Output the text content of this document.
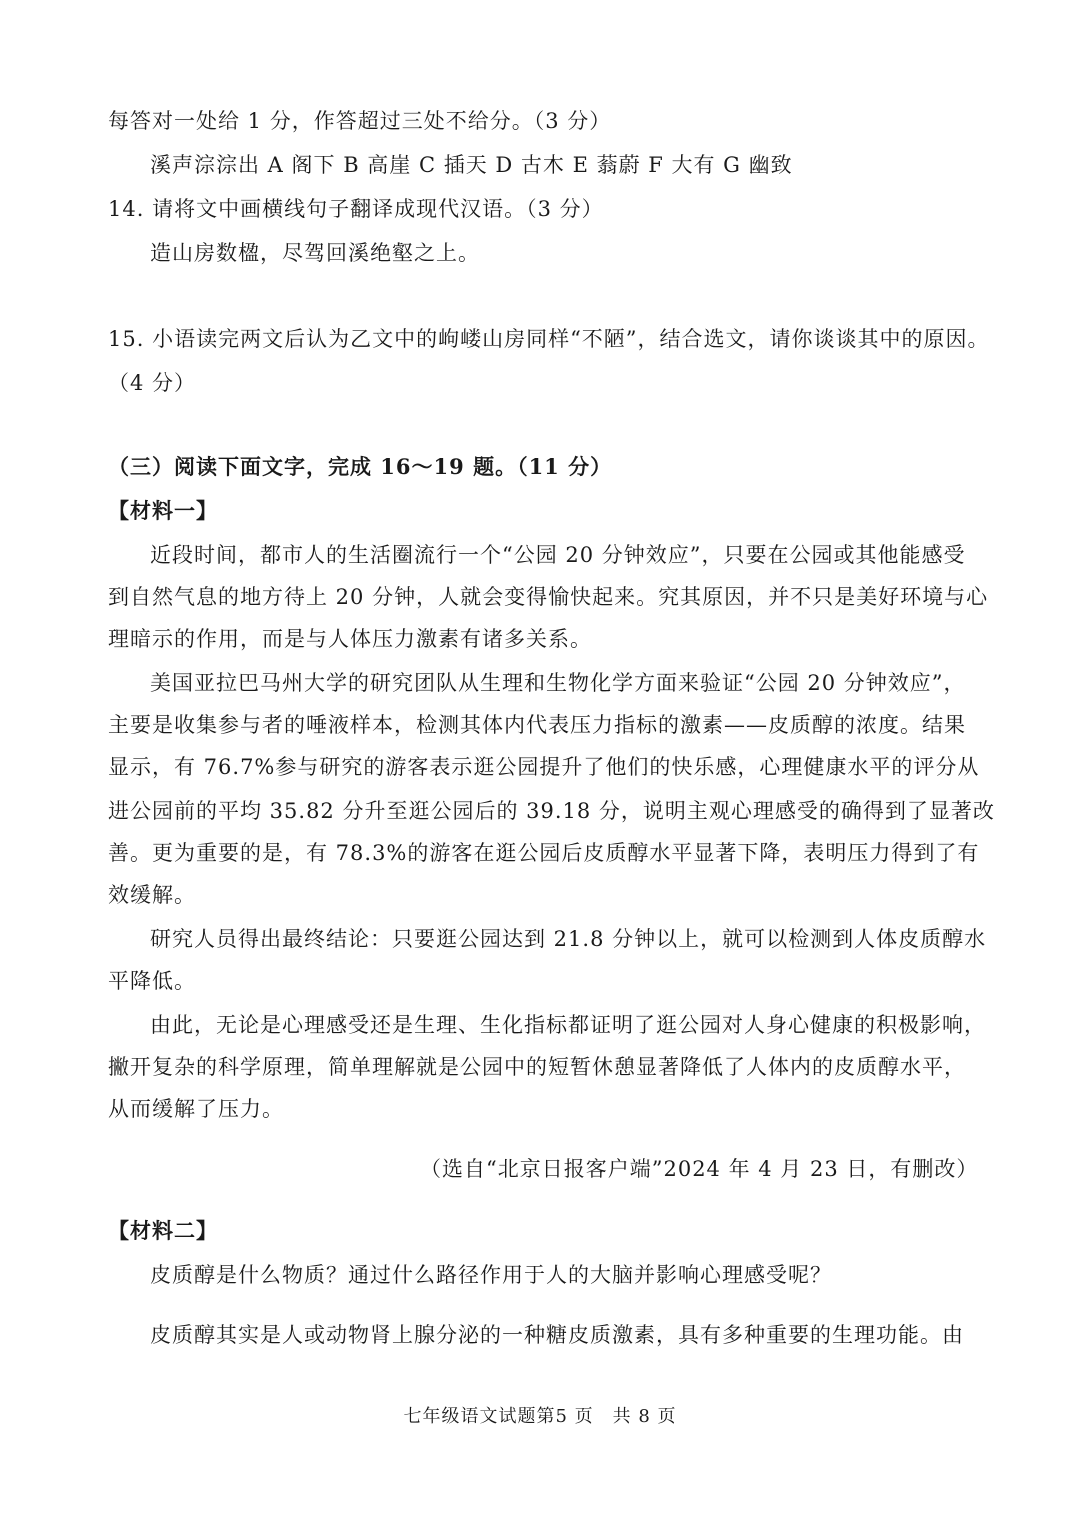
每答对一处给 1 分，作答超过三处不给分。（3 分）
溪声淙淙出 A 阁下 B 高崖 C 插天 D 古木 E 蓊蔚 F 大有 G 幽致
14. 请将文中画横线句子翻译成现代汉语。（3 分）
造山房数楹，尽驾回溪绝壑之上。
15. 小语读完两文后认为乙文中的岣嵝山房同样“不陋”，结合选文，请你谈谈其中的原因。
（4 分）
（三）阅读下面文字，完成 16～19 题。（11 分）
【材料一】
近段时间，都市人的生活圈流行一个“公园 20 分钟效应”，只要在公园或其他能感受
到自然气息的地方待上 20 分钟，人就会变得愉快起来。究其原因，并不只是美好环境与心
理暗示的作用，而是与人体压力激素有诸多关系。
美国亚拉巴马州大学的研究团队从生理和生物化学方面来验证“公园 20 分钟效应”，
主要是收集参与者的唾液样本，检测其体内代表压力指标的激素——皮质醇的浓度。结果
显示，有 76.7%参与研究的游客表示逛公园提升了他们的快乐感，心理健康水平的评分从
进公园前的平均 35.82 分升至逛公园后的 39.18 分，说明主观心理感受的确得到了显著改
善。更为重要的是，有 78.3%的游客在逛公园后皮质醇水平显著下降，表明压力得到了有
效缓解。
研究人员得出最终结论：只要逛公园达到 21.8 分钟以上，就可以检测到人体皮质醇水
平降低。
由此，无论是心理感受还是生理、生化指标都证明了逛公园对人身心健康的积极影响，
撇开复杂的科学原理，简单理解就是公园中的短暂休憩显著降低了人体内的皮质醇水平，
从而缓解了压力。
（选自“北京日报客户端”2024 年 4 月 23 日，有删改）
【材料二】
皮质醇是什么物质？通过什么路径作用于人的大脑并影响心理感受呢？
皮质醇其实是人或动物肾上腺分泌的一种糖皮质激素，具有多种重要的生理功能。由
七年级语文试题第5 页　共 8 页
